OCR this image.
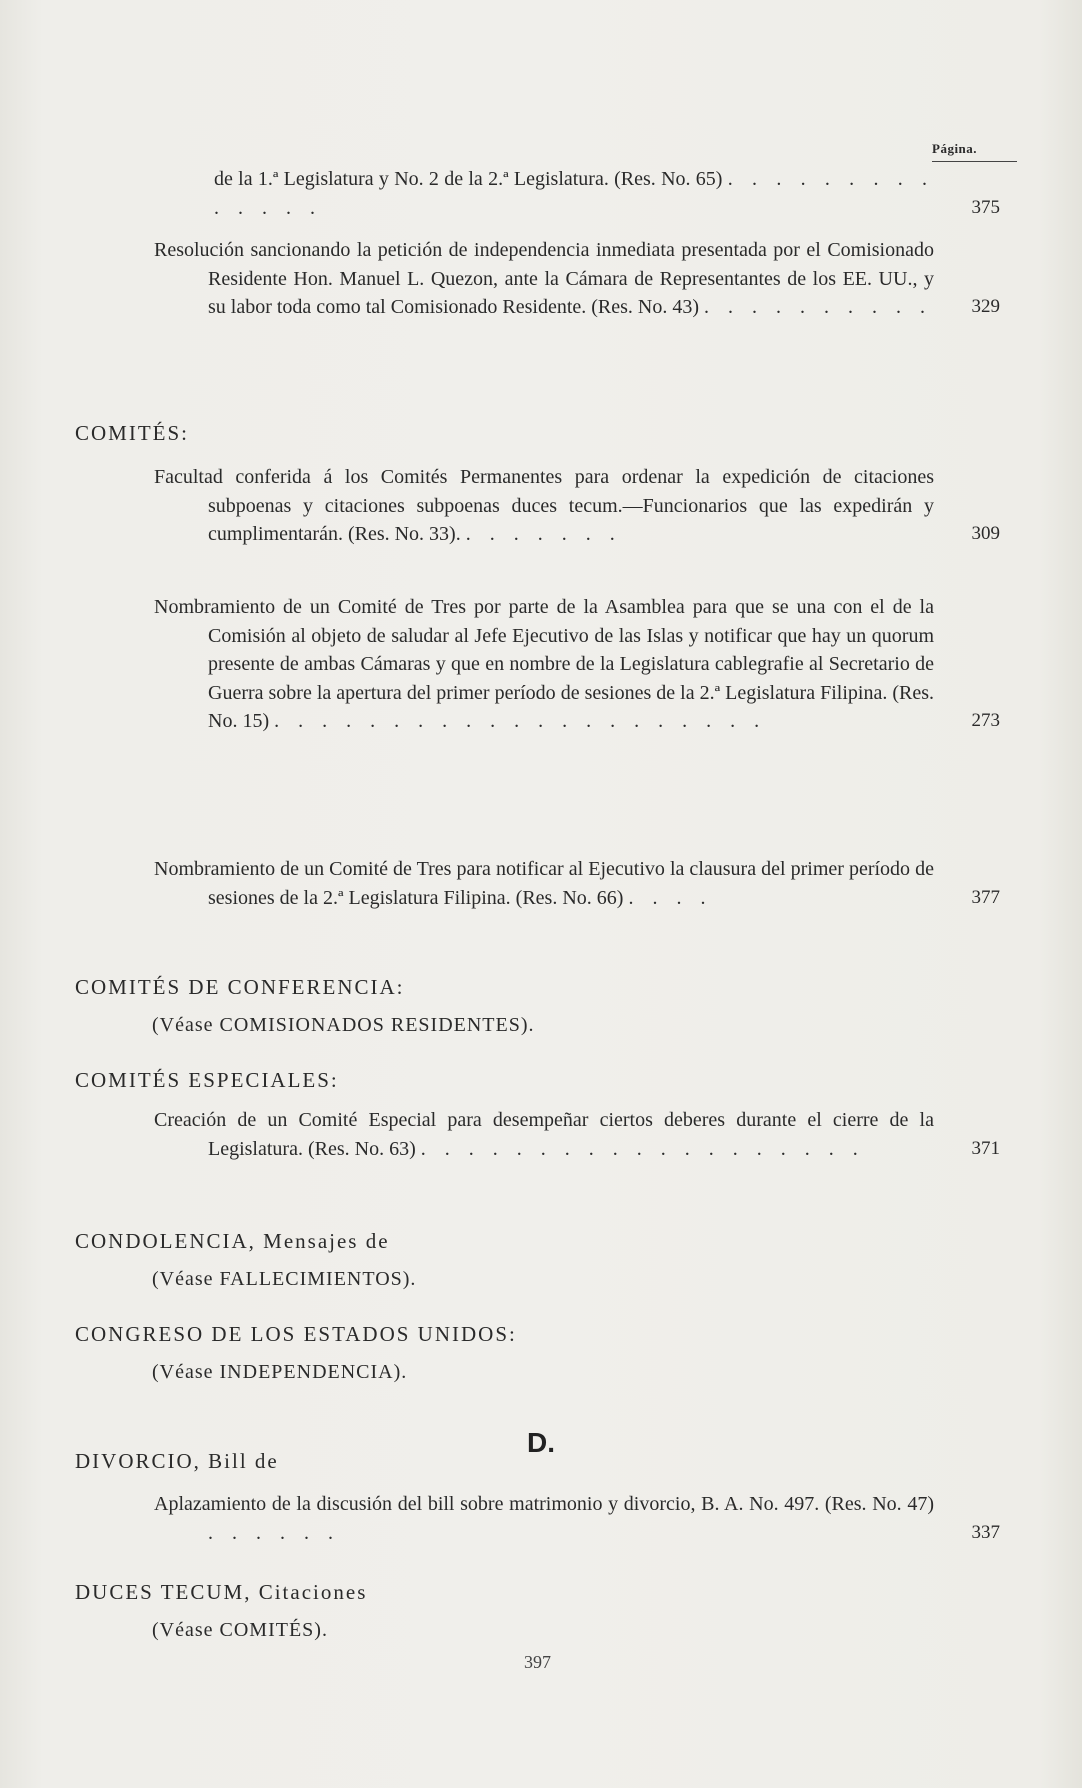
Página.
de la 1.ª Legislatura y No. 2 de la 2.ª Legislatura. (Res. No. 65) . . . . . . . . . . . . . .	375
Resolución sancionando la petición de independencia inmediata presentada por el Comisionado Residente Hon. Manuel L. Quezon, ante la Cámara de Representantes de los EE. UU., y su labor toda como tal Comisionado Residente. (Res. No. 43) . . . . . . . . . . 329
COMITÉS:
Facultad conferida á los Comités Permanentes para ordenar la expedición de citaciones subpoenas y citaciones subpoenas duces tecum.—Funcionarios que las expedirán y cumplimentarán. (Res. No. 33). . . . . . . .	309
Nombramiento de un Comité de Tres por parte de la Asamblea para que se una con el de la Comisión al objeto de saludar al Jefe Ejecutivo de las Islas y notificar que hay un quorum presente de ambas Cámaras y que en nombre de la Legislatura cablegrafie al Secretario de Guerra sobre la apertura del primer período de sesiones de la 2.ª Legislatura Filipina. (Res. No. 15) . . . . . . . . . . . . . . . . . . . . .	273
Nombramiento de un Comité de Tres para notificar al Ejecutivo la clausura del primer período de sesiones de la 2.ª Legislatura Filipina. (Res. No. 66) . . . .	377
COMITÉS DE CONFERENCIA:
(Véase COMISIONADOS RESIDENTES).
COMITÉS ESPECIALES:
Creación de un Comité Especial para desempeñar ciertos deberes durante el cierre de la Legislatura. (Res. No. 63) . . . . . . . . . . . . . . . . . . .	371
CONDOLENCIA, Mensajes de
(Véase FALLECIMIENTOS).
CONGRESO DE LOS ESTADOS UNIDOS:
(Véase INDEPENDENCIA).
D.
DIVORCIO, Bill de
Aplazamiento de la discusión del bill sobre matrimonio y divorcio, B. A. No. 497. (Res. No. 47) . . . . . .	337
DUCES TECUM, Citaciones
(Véase COMITÉS).
397
